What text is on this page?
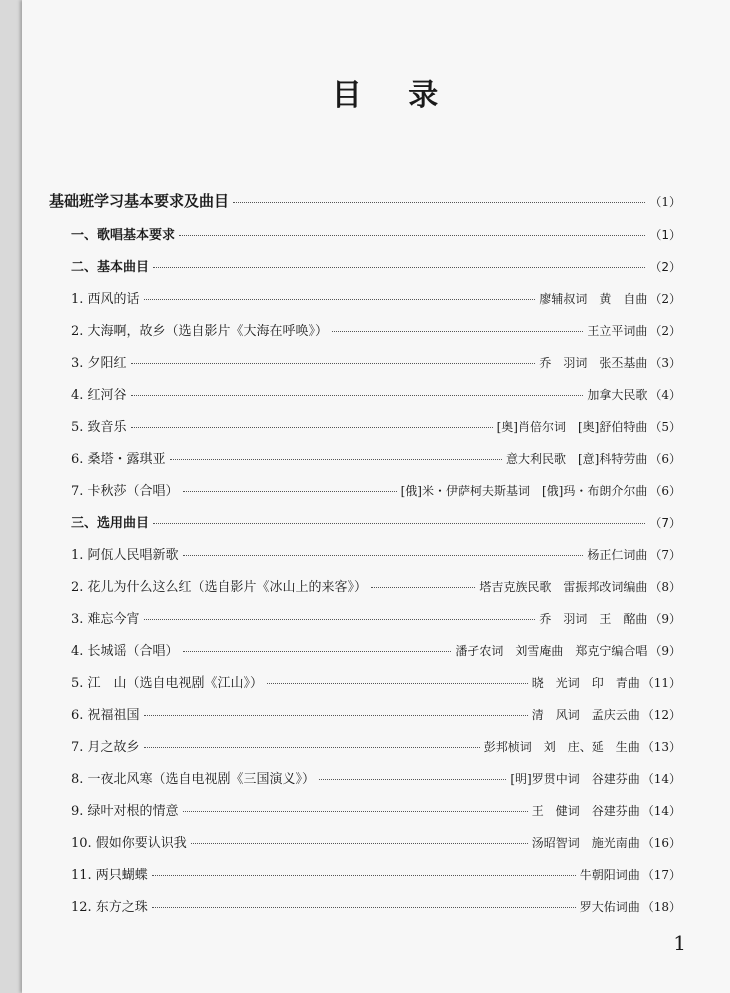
目 录
基础班学习基本要求及曲目	（1）
一、歌唱基本要求	（1）
二、基本曲目	（2）
1. 西风的话	廖辅叔词　黄　自曲 （2）
2. 大海啊，故乡（选自影片《大海在呼唤》）	王立平词曲 （2）
3. 夕阳红	乔　羽词　张丕基曲 （3）
4. 红河谷	加拿大民歌 （4）
5. 致音乐	[奥]肖倍尔词　[奥]舒伯特曲 （5）
6. 桑塔・露琪亚	意大利民歌　[意]科特劳曲 （6）
7. 卡秋莎（合唱）	[俄]米・伊萨柯夫斯基词　[俄]玛・布朗介尔曲 （6）
三、选用曲目	（7）
1. 阿佤人民唱新歌	杨正仁词曲 （7）
2. 花儿为什么这么红（选自影片《冰山上的来客》）	塔吉克族民歌　雷振邦改词编曲 （8）
3. 难忘今宵	乔　羽词　王　酩曲 （9）
4. 长城谣（合唱）	潘孑农词　刘雪庵曲　郑克宁编合唱 （9）
5. 江　山（选自电视剧《江山》）	晓　光词　印　青曲 （11）
6. 祝福祖国	清　风词　孟庆云曲 （12）
7. 月之故乡	彭邦桢词　刘　庄、延　生曲 （13）
8. 一夜北风寒（选自电视剧《三国演义》）	[明]罗贯中词　谷建芬曲 （14）
9. 绿叶对根的情意	王　健词　谷建芬曲 （14）
10. 假如你要认识我	汤昭智词　施光南曲 （16）
11. 两只蝴蝶	牛朝阳词曲 （17）
12. 东方之珠	罗大佑词曲 （18）
1
